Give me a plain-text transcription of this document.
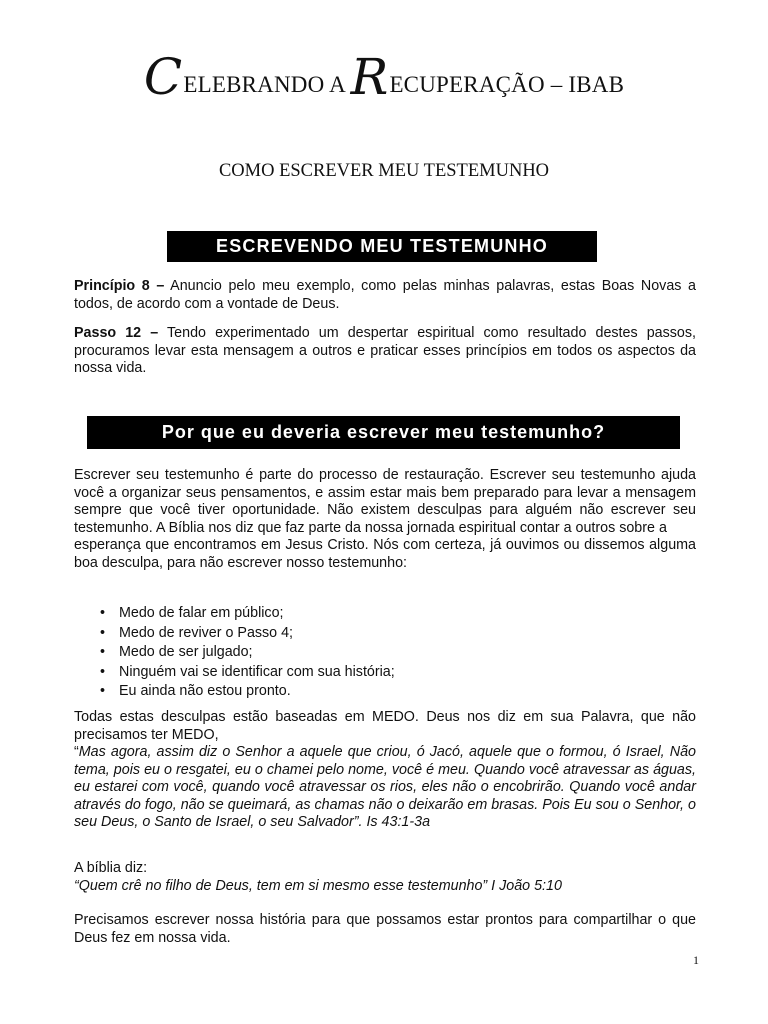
CELEBRANDO A RECUPERAÇÃO – IBAB
COMO ESCREVER MEU TESTEMUNHO
ESCREVENDO MEU TESTEMUNHO

Princípio 8 – Anuncio pelo meu exemplo, como pelas minhas palavras, estas Boas Novas a todos, de acordo com a vontade de Deus.

Passo 12 – Tendo experimentado um despertar espiritual como resultado destes passos, procuramos levar esta mensagem a outros e praticar esses princípios em todos os aspectos da nossa vida.

Por que eu deveria escrever meu testemunho?

Escrever seu testemunho é parte do processo de restauração. Escrever seu testemunho ajuda você a organizar seus pensamentos, e assim estar mais bem preparado para levar a mensagem sempre que você tiver oportunidade. Não existem desculpas para alguém não escrever seu testemunho. A Bíblia nos diz que faz parte da nossa jornada espiritual contar a outros sobre a

esperança que encontramos em Jesus Cristo. Nós com certeza, já ouvimos ou dissemos alguma boa desculpa, para não escrever nosso testemunho:

• Medo de falar em público;
• Medo de reviver o Passo 4;
• Medo de ser julgado;
• Ninguém vai se identificar com sua história;
• Eu ainda não estou pronto.

Todas estas desculpas estão baseadas em MEDO. Deus nos diz em sua Palavra, que não precisamos ter MEDO,

“Mas agora, assim diz o Senhor a aquele que criou, ó Jacó, aquele que o formou, ó Israel, Não tema, pois eu o resgatei, eu o chamei pelo nome, você é meu. Quando você atravessar as águas, eu estarei com você, quando você atravessar os rios, eles não o encobrirão. Quando você andar através do fogo, não se queimará, as chamas não o deixarão em brasas. Pois Eu sou o Senhor, o seu Deus, o Santo de Israel, o seu Salvador”. Is 43:1-3a

A bíblia diz:

“Quem crê no filho de Deus, tem em si mesmo esse testemunho” I João 5:10

Precisamos escrever nossa história para que possamos estar prontos para compartilhar o que Deus fez em nossa vida.

1
